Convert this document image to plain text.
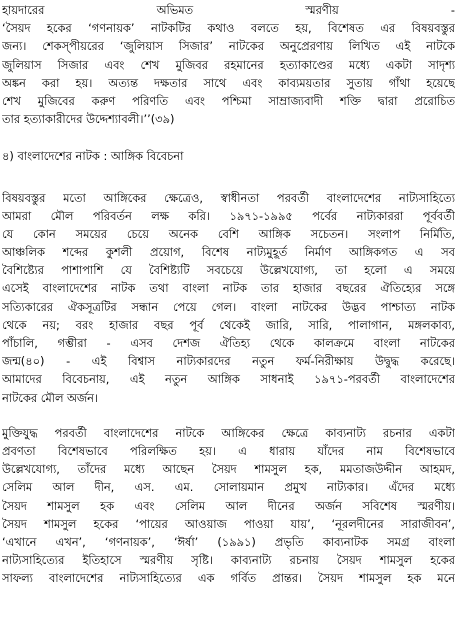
হায়দারের অভিমত স্মরণীয় -
‘সৈয়দ হকের ‘গণনায়ক’ নাটকটির কথাও বলতে হয়, বিশেষত এর বিষয়বস্তুর
জন্য। শেকস্‌পীয়রের ‘জুলিয়াস সিজার’ নাটকের অনুপ্রেরণায় লিখিত এই নাটকে
জুলিয়াস সিজার এবং শেখ মুজিবর রহমানের হত্যাকাণ্ডের মধ্যে একটা সাদৃশ্য
অঙ্কন করা হয়। অত্যন্ত দক্ষতার সাথে এবং কাব্যময়তার সুতায় গাঁথা হয়েছে
শেখ মুজিবের করুণ পরিণতি এবং পশ্চিমা সাম্রাজ্যবাদী শক্তি দ্বারা প্ররোচিত
তার হত্যাকারীদের উদ্দেশ্যাবলী।’’(৩৯)
৪) বাংলাদেশের নাটক : আঙ্গিক বিবেচনা
বিষয়বস্তুর মতো আঙ্গিকের ক্ষেত্রেও, স্বাধীনতা পরবর্তী বাংলাদেশের নাট্যসাহিত্যে
আমরা মৌল পরিবর্তন লক্ষ করি। ১৯৭১-১৯৯৫ পর্বের নাট্যকাররা পূর্ববর্তী
যে কোন সময়ের চেয়ে অনেক বেশি আঙ্গিক সচেতন। সংলাপ নির্মিতি,
আঞ্চলিক শব্দের কুশলী প্রয়োগ, বিশেষ নাট্যমুহূর্ত নির্মাণ আঙ্গিকগত এ সব
বৈশিষ্ট্যের পাশাপাশি যে বৈশিষ্ট্যটি সবচেয়ে উল্লেখযোগ্য, তা হলো এ সময়ে
এসেই বাংলাদেশের নাটক তথা বাংলা নাটক তার হাজার বছরের ঐতিহ্যের সঙ্গে
সত্যিকারের ঐকসূত্রটির সন্ধান পেয়ে গেল। বাংলা নাটকের উদ্ভব পাশ্চাত্য নাটক
থেকে নয়; বরং হাজার বছর পূর্ব থেকেই জারি, সারি, পালাগান, মঙ্গলকাব্য,
পাঁচালি, গম্ভীরা - এসব দেশজ ঐতিহ্য থেকে কালক্রমে বাংলা নাটকের
জন্ম(৪০) - এই বিশ্বাস নাট্যকারদের নতুন ফর্ম-নিরীক্ষায় উদ্বুদ্ধ করেছে।
আমাদের বিবেচনায়, এই নতুন আঙ্গিক সাধনাই ১৯৭১-পরবর্তী বাংলাদেশের
নাটকের মৌল অর্জন।
মুক্তিযুদ্ধ পরবর্তী বাংলাদেশের নাটকে আঙ্গিকের ক্ষেত্রে কাব্যনাট্য রচনার একটা
প্রবণতা বিশেষভাবে পরিলক্ষিত হয়। এ ধারায় যাঁদের নাম বিশেষভাবে
উল্লেখযোগ্য, তাঁদের মধ্যে আছেন সৈয়দ শামসুল হক, মমতাজউদ্দীন আহমদ,
সেলিম আল দীন, এস. এম. সোলায়মান প্রমুখ নাট্যকার। এঁদের মধ্যে
সৈয়দ শামসুল হক এবং সেলিম আল দীনের অর্জন সবিশেষ স্মরণীয়।
সৈয়দ শামসুল হকের ‘পায়ের আওয়াজ পাওয়া যায়’, ‘নূরলদীনের সারাজীবন’,
‘এখানে এখন’, ‘গণনায়ক’, ‘ঈর্ষা’ (১৯৯১) প্রভৃতি কাব্যনাটক সমগ্র বাংলা
নাট্যসাহিত্যের ইতিহাসে স্মরণীয় সৃষ্টি। কাব্যনাট্য রচনায় সৈয়দ শামসুল হকের
সাফল্য বাংলাদেশের নাট্যসাহিত্যের এক গর্বিত প্রান্তর। সৈয়দ শামসুল হক মনে
